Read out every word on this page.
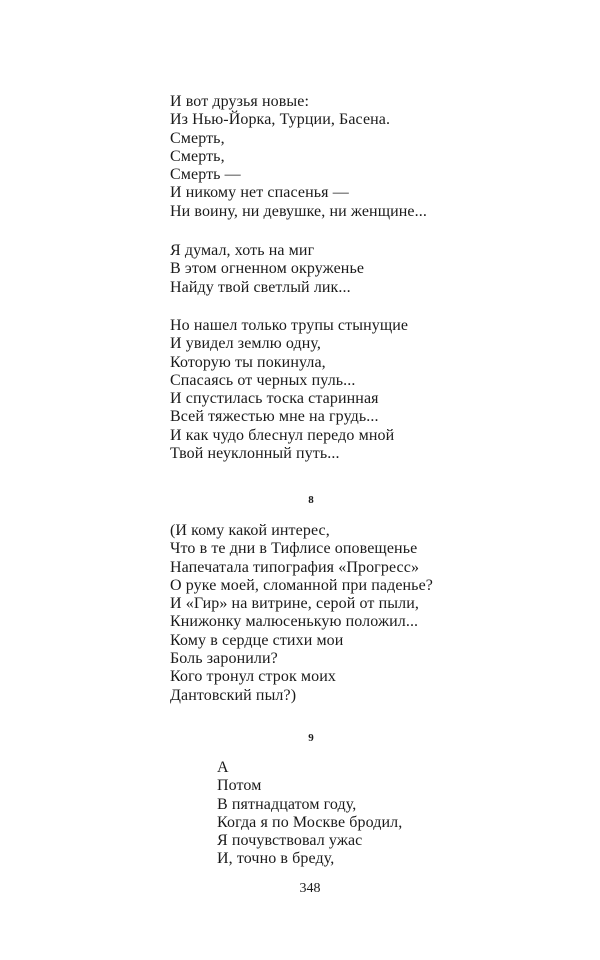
И вот друзья новые:
Из Нью-Йорка, Турции, Басена.
Смерть,
Смерть,
Смерть —
И никому нет спасенья —
Ни воину, ни девушке, ни женщине...
Я думал, хоть на миг
В этом огненном окруженье
Найду твой светлый лик...
Но нашел только трупы стынущие
И увидел землю одну,
Которую ты покинула,
Спасаясь от черных пуль...
И спустилась тоска старинная
Всей тяжестью мне на грудь...
И как чудо блеснул передо мной
Твой неуклонный путь...
8
(И кому какой интерес,
Что в те дни в Тифлисе оповещенье
Напечатала типография «Прогресс»
О руке моей, сломанной при паденье?
И «Гир» на витрине, серой от пыли,
Книжонку малюсенькую положил...
Кому в сердце стихи мои
Боль заронили?
Кого тронул строк моих
Дантовский пыл?)
9
А
Потом
В пятнадцатом году,
Когда я по Москве бродил,
Я почувствовал ужас
И, точно в бреду,
348
